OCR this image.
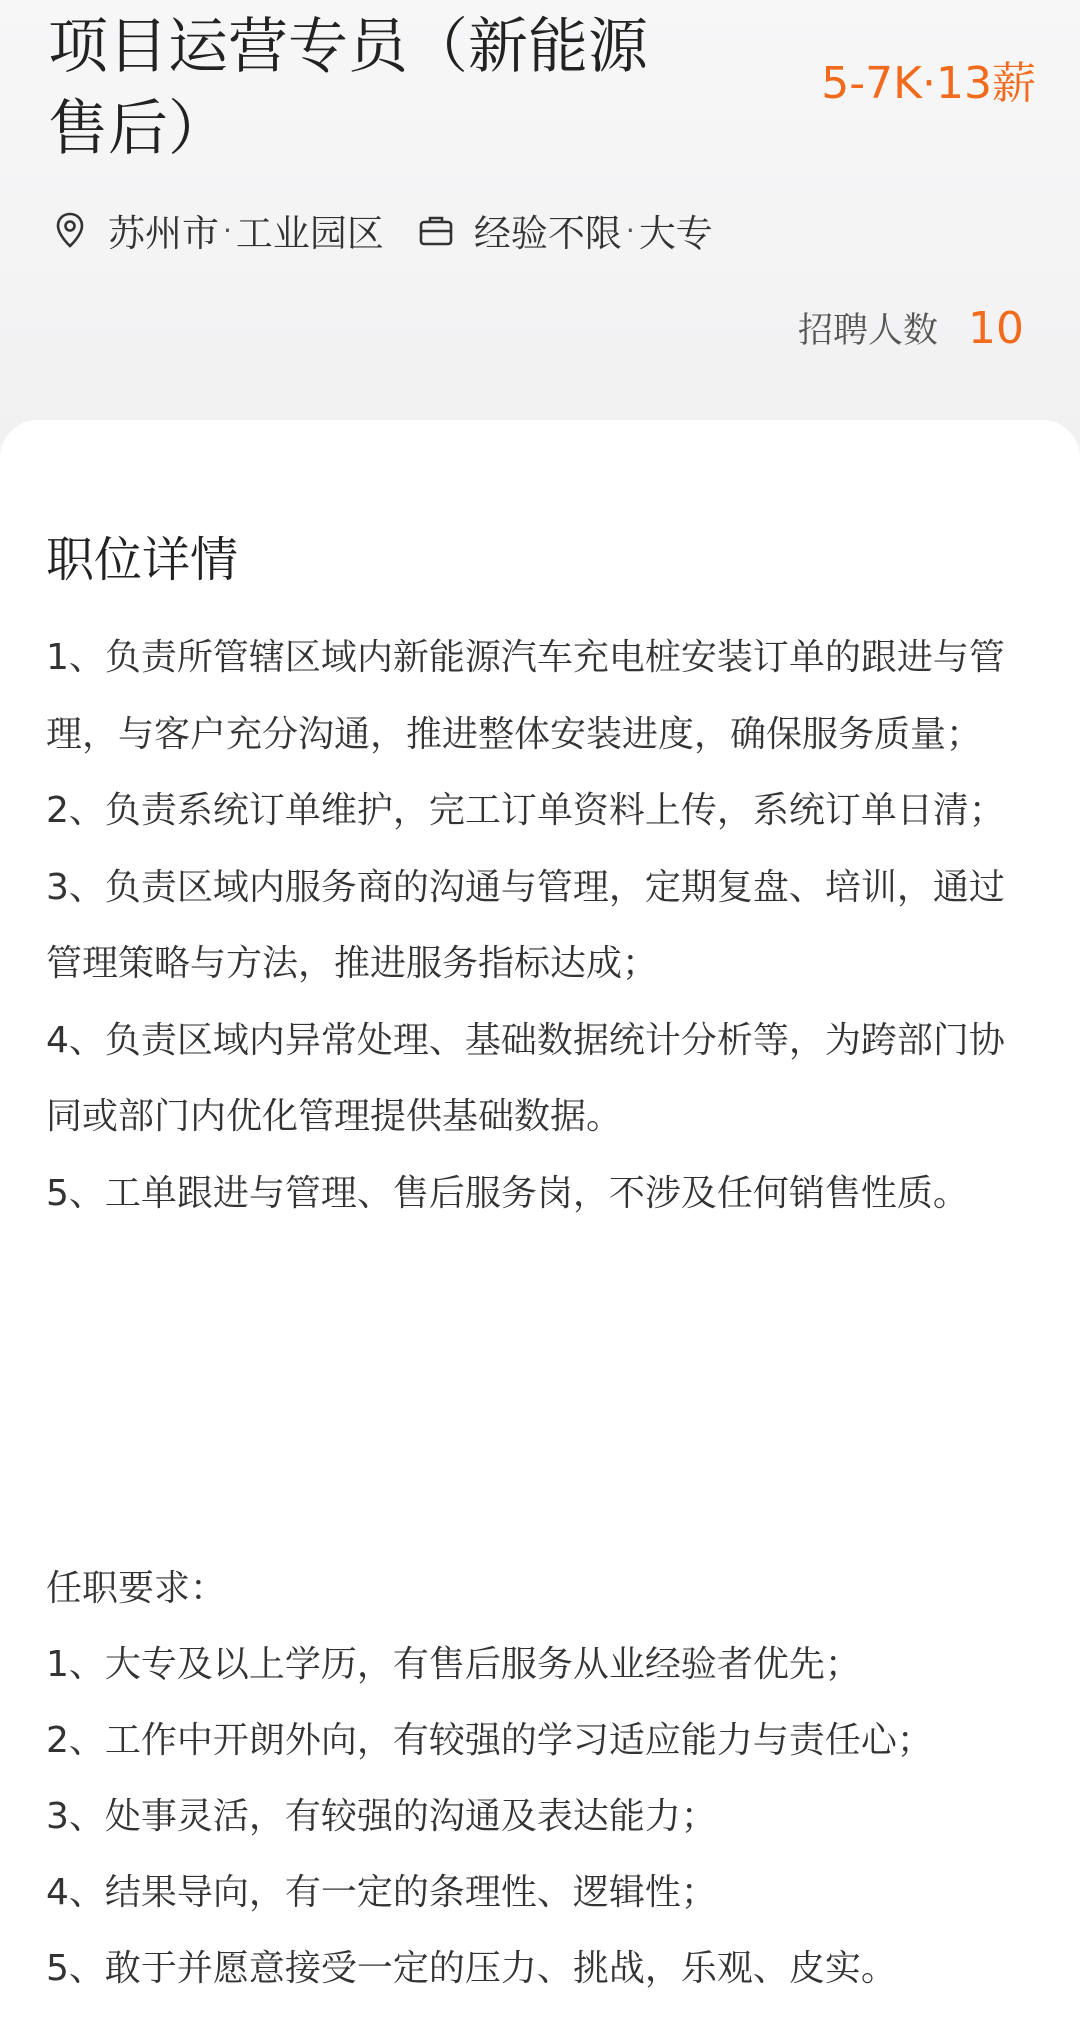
项目运营专员（新能源售后）
5-7K·13薪
苏州市 · 工业园区 经验不限 · 大专
招聘人数 10
职位详情
1、负责所管辖区域内新能源汽车充电桩安装订单的跟进与管理，与客户充分沟通，推进整体安装进度，确保服务质量；
2、负责系统订单维护，完工订单资料上传，系统订单日清；
3、负责区域内服务商的沟通与管理，定期复盘、培训，通过管理策略与方法，推进服务指标达成；
4、负责区域内异常处理、基础数据统计分析等，为跨部门协同或部门内优化管理提供基础数据。
5、工单跟进与管理、售后服务岗，不涉及任何销售性质。
任职要求：
1、大专及以上学历，有售后服务从业经验者优先；
2、工作中开朗外向，有较强的学习适应能力与责任心；
3、处事灵活，有较强的沟通及表达能力；
4、结果导向，有一定的条理性、逻辑性；
5、敢于并愿意接受一定的压力、挑战，乐观、皮实。
